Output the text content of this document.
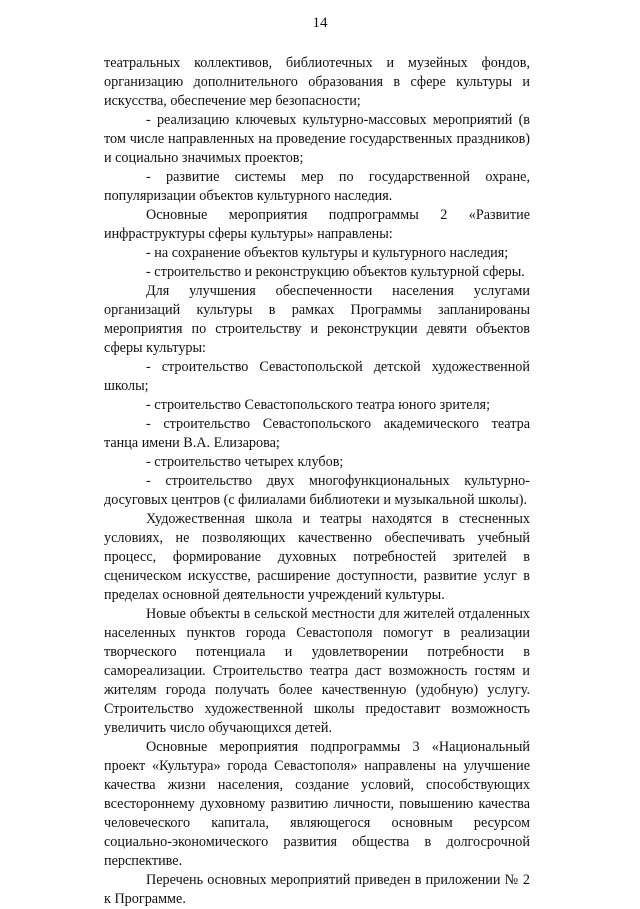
14

театральных коллективов, библиотечных и музейных фондов, организацию дополнительного образования в сфере культуры и искусства, обеспечение мер безопасности;

- реализацию ключевых культурно-массовых мероприятий (в том числе направленных на проведение государственных праздников) и социально значимых проектов;

- развитие системы мер по государственной охране, популяризации объектов культурного наследия.

Основные мероприятия подпрограммы 2 «Развитие инфраструктуры сферы культуры» направлены:

- на сохранение объектов культуры и культурного наследия;

- строительство и реконструкцию объектов культурной сферы.

Для улучшения обеспеченности населения услугами организаций культуры в рамках Программы запланированы мероприятия по строительству и реконструкции девяти объектов сферы культуры:

- строительство Севастопольской детской художественной школы;

- строительство Севастопольского театра юного зрителя;

- строительство Севастопольского академического театра танца имени В.А. Елизарова;

- строительство четырех клубов;

- строительство двух многофункциональных культурно-досуговых центров (с филиалами библиотеки и музыкальной школы).

Художественная школа и театры находятся в стесненных условиях, не позволяющих качественно обеспечивать учебный процесс, формирование духовных потребностей зрителей в сценическом искусстве, расширение доступности, развитие услуг в пределах основной деятельности учреждений культуры.

Новые объекты в сельской местности для жителей отдаленных населенных пунктов города Севастополя помогут в реализации творческого потенциала и удовлетворении потребности в самореализации. Строительство театра даст возможность гостям и жителям города получать более качественную (удобную) услугу. Строительство художественной школы предоставит возможность увеличить число обучающихся детей.

Основные мероприятия подпрограммы 3 «Национальный проект «Культура» города Севастополя» направлены на улучшение качества жизни населения, создание условий, способствующих всестороннему духовному развитию личности, повышению качества человеческого капитала, являющегося основным ресурсом социально-экономического развития общества в долгосрочной перспективе.

Перечень основных мероприятий приведен в приложении № 2 к Программе.
